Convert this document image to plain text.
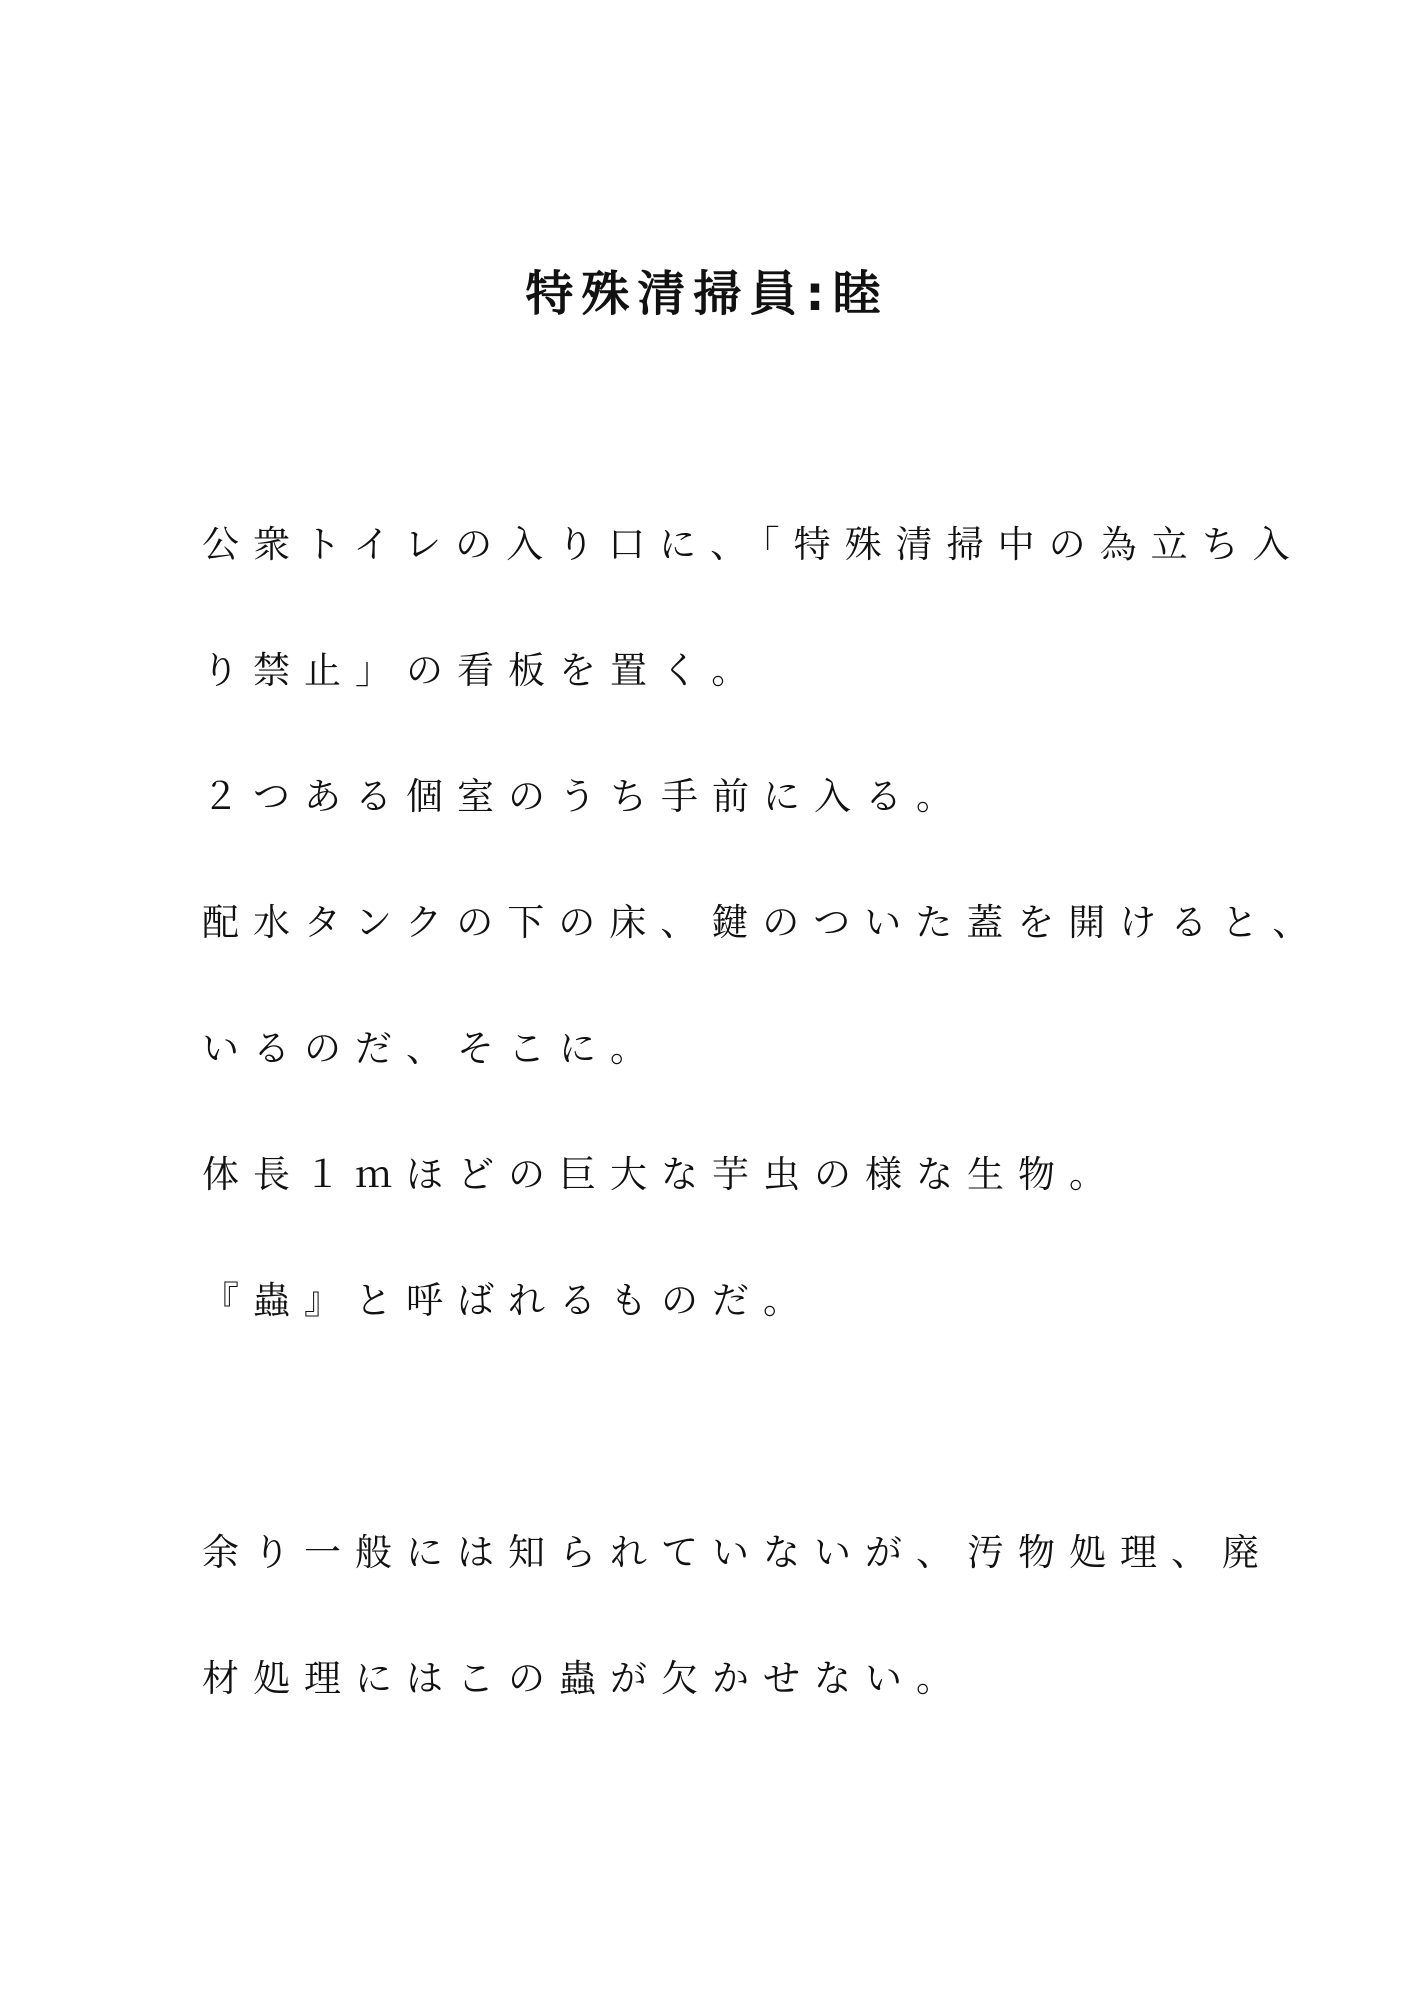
特殊清掃員:睦
公衆トイレの入り口に、「特殊清掃中の為立ち入
り禁止」の看板を置く。
２つある個室のうち手前に入る。
配水タンクの下の床、鍵のついた蓋を開けると、
いるのだ、そこに。
体長１ｍほどの巨大な芋虫の様な生物。
『蟲』と呼ばれるものだ。
余り一般には知られていないが、汚物処理、廃
材処理にはこの蟲が欠かせない。
